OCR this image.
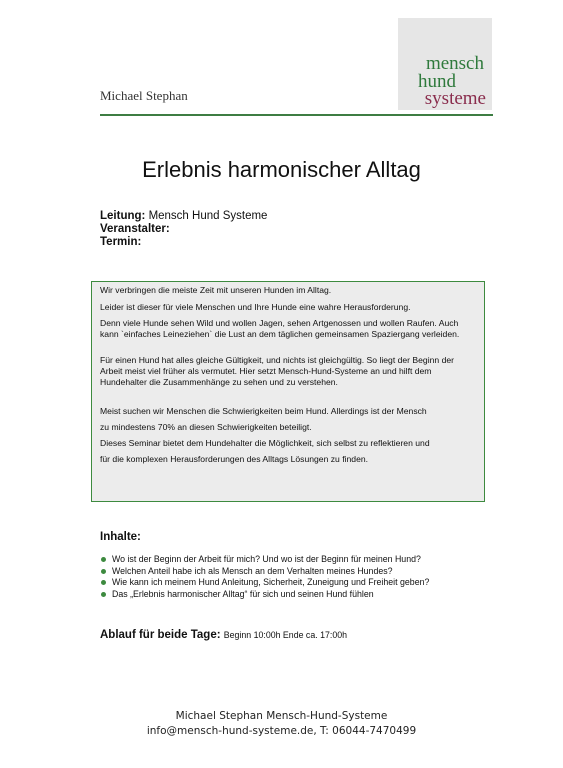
Michael Stephan
mensch
hund
systeme
Erlebnis harmonischer Alltag
Leitung: Mensch Hund Systeme
Veranstalter:
Termin:

Wir verbringen die meiste Zeit mit unseren Hunden im Alltag.

Leider ist dieser für viele Menschen und Ihre Hunde eine wahre Herausforderung.

Denn viele Hunde sehen Wild und wollen Jagen, sehen Artgenossen und wollen Raufen. Auch kann `einfaches Leineziehen` die Lust an dem täglichen gemeinsamen Spaziergang verleiden.

Für einen Hund hat alles gleiche Gültigkeit, und nichts ist gleichgültig. So liegt der Beginn der Arbeit meist viel früher als vermutet. Hier setzt Mensch-Hund-Systeme an und hilft dem Hundehalter die Zusammenhänge zu sehen und zu verstehen.

Meist suchen wir Menschen die Schwierigkeiten beim Hund. Allerdings ist der Mensch

zu mindestens 70% an diesen Schwierigkeiten beteiligt.

Dieses Seminar bietet dem Hundehalter die Möglichkeit, sich selbst zu reflektieren und

für die komplexen Herausforderungen des Alltags Lösungen zu finden.

Inhalte:
Wo ist der Beginn der Arbeit für mich? Und wo ist der Beginn für meinen Hund?
Welchen Anteil habe ich als Mensch an dem Verhalten meines Hundes?
Wie kann ich meinem Hund Anleitung, Sicherheit, Zuneigung und Freiheit geben?
Das „Erlebnis harmonischer Alltag“ für sich und seinen Hund fühlen
Ablauf für beide Tage: Beginn 10:00h Ende ca. 17:00h
Michael Stephan Mensch-Hund-Systeme
info@mensch-hund-systeme.de, T: 06044-7470499
